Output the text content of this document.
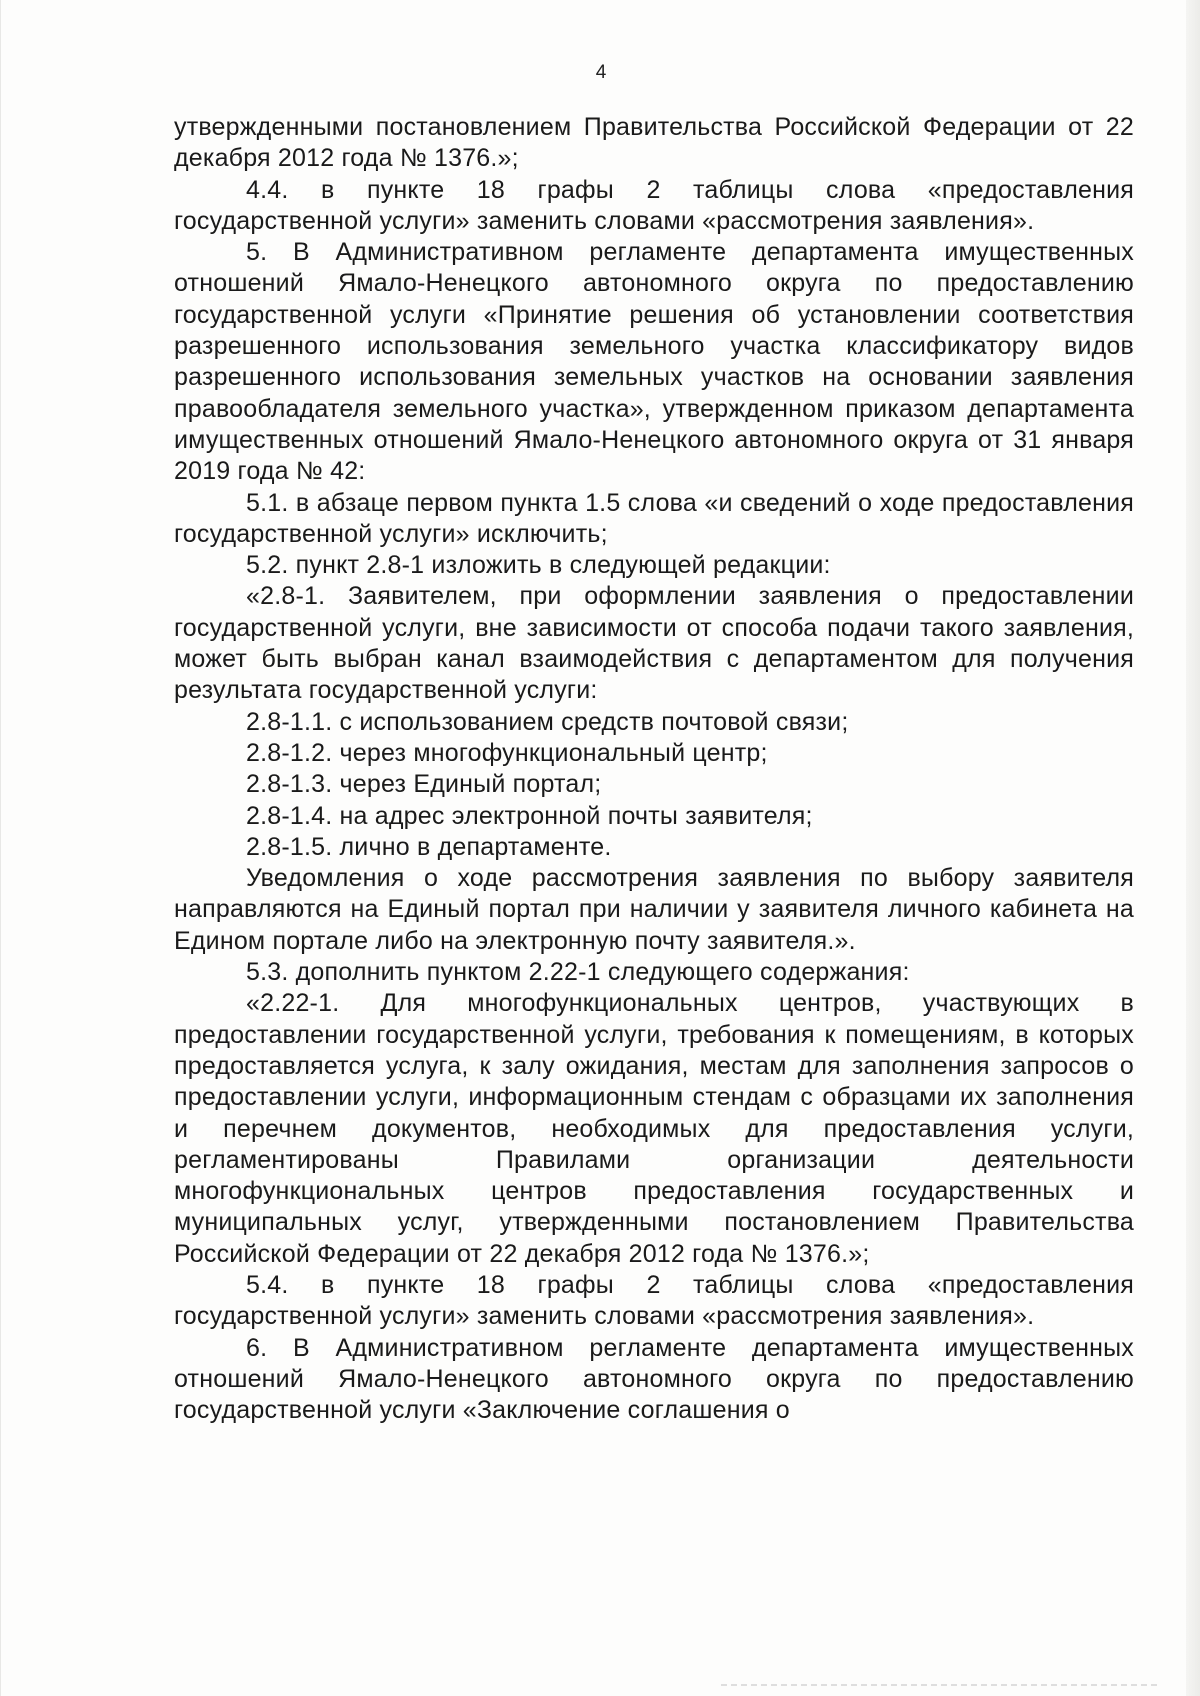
4

утвержденными постановлением Правительства Российской Федерации от 22 декабря 2012 года № 1376.»;

4.4. в пункте 18 графы 2 таблицы слова «предоставления государственной услуги» заменить словами «рассмотрения заявления».

5. В Административном регламенте департамента имущественных отношений Ямало-Ненецкого автономного округа по предоставлению государственной услуги «Принятие решения об установлении соответствия разрешенного использования земельного участка классификатору видов разрешенного использования земельных участков на основании заявления правообладателя земельного участка», утвержденном приказом департамента имущественных отношений Ямало-Ненецкого автономного округа от 31 января 2019 года № 42:

5.1. в абзаце первом пункта 1.5 слова «и сведений о ходе предоставления государственной услуги» исключить;

5.2. пункт 2.8-1 изложить в следующей редакции:

«2.8-1. Заявителем, при оформлении заявления о предоставлении государственной услуги, вне зависимости от способа подачи такого заявления, может быть выбран канал взаимодействия с департаментом для получения результата государственной услуги:

2.8-1.1. с использованием средств почтовой связи;

2.8-1.2. через многофункциональный центр;

2.8-1.3. через Единый портал;

2.8-1.4. на адрес электронной почты заявителя;

2.8-1.5. лично в департаменте.

Уведомления о ходе рассмотрения заявления по выбору заявителя направляются на Единый портал при наличии у заявителя личного кабинета на Едином портале либо на электронную почту заявителя.».

5.3. дополнить пунктом 2.22-1 следующего содержания:

«2.22-1. Для многофункциональных центров, участвующих в предоставлении государственной услуги, требования к помещениям, в которых предоставляется услуга, к залу ожидания, местам для заполнения запросов о предоставлении услуги, информационным стендам с образцами их заполнения и перечнем документов, необходимых для предоставления услуги, регламентированы Правилами организации деятельности многофункциональных центров предоставления государственных и муниципальных услуг, утвержденными постановлением Правительства Российской Федерации от 22 декабря 2012 года № 1376.»;

5.4. в пункте 18 графы 2 таблицы слова «предоставления государственной услуги» заменить словами «рассмотрения заявления».

6. В Административном регламенте департамента имущественных отношений Ямало-Ненецкого автономного округа по предоставлению государственной услуги «Заключение соглашения о
